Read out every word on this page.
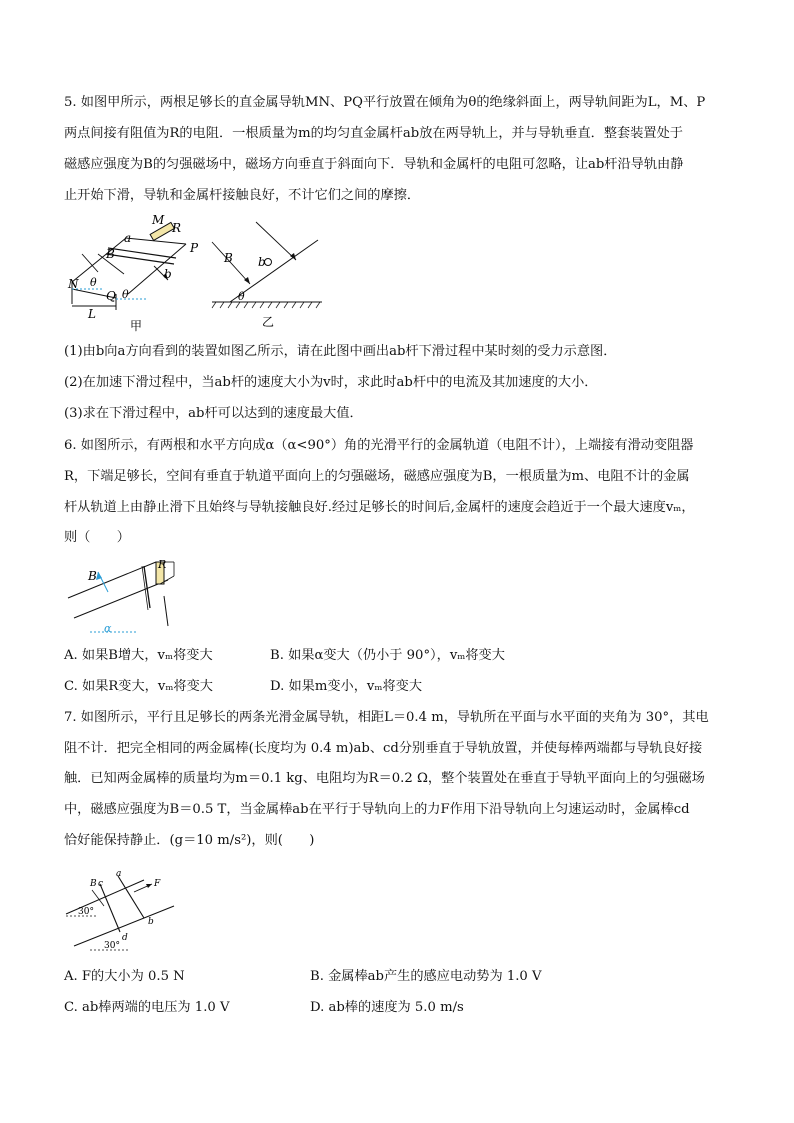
5. 如图甲所示，两根足够长的直金属导轨MN、PQ平行放置在倾角为θ的绝缘斜面上，两导轨间距为L，M、P
两点间接有阻值为R的电阻．一根质量为m的均匀直金属杆ab放在两导轨上，并与导轨垂直．整套装置处于
磁感应强度为B的匀强磁场中，磁场方向垂直于斜面向下．导轨和金属杆的电阻可忽略，让ab杆沿导轨由静
止开始下滑，导轨和金属杆接触良好，不计它们之间的摩擦．
M
R
P
a
B
b
N
Q
θ
θ
L
甲
B b
θ
乙
(1)由b向a方向看到的装置如图乙所示，请在此图中画出ab杆下滑过程中某时刻的受力示意图．
(2)在加速下滑过程中，当ab杆的速度大小为v时，求此时ab杆中的电流及其加速度的大小．
(3)求在下滑过程中，ab杆可以达到的速度最大值．
6. 如图所示，有两根和水平方向成α（α<90°）角的光滑平行的金属轨道（电阻不计），上端接有滑动变阻器
R，下端足够长，空间有垂直于轨道平面向上的匀强磁场，磁感应强度为B，一根质量为m、电阻不计的金属
杆从轨道上由静止滑下且始终与导轨接触良好.经过足够长的时间后,金属杆的速度会趋近于一个最大速度vₘ，
则（　　）
B
R
α
A. 如果B增大，vₘ将变大	B. 如果α变大（仍小于 90°），vₘ将变大
C. 如果R变大，vₘ将变大	D. 如果m变小，vₘ将变大
7. 如图所示，平行且足够长的两条光滑金属导轨，相距L＝0.4 m，导轨所在平面与水平面的夹角为 30°，其电
阻不计．把完全相同的两金属棒(长度均为 0.4 m)ab、cd分别垂直于导轨放置，并使每棒两端都与导轨良好接
触．已知两金属棒的质量均为m＝0.1 kg、电阻均为R＝0.2 Ω，整个装置处在垂直于导轨平面向上的匀强磁场
中，磁感应强度为B＝0.5 T，当金属棒ab在平行于导轨向上的力F作用下沿导轨向上匀速运动时，金属棒cd
恰好能保持静止．(g＝10 m/s²)，则(　　)
B c
a
F
b
d
30°
30°
A. F的大小为 0.5 N	B. 金属棒ab产生的感应电动势为 1.0 V
C. ab棒两端的电压为 1.0 V	D. ab棒的速度为 5.0 m/s
